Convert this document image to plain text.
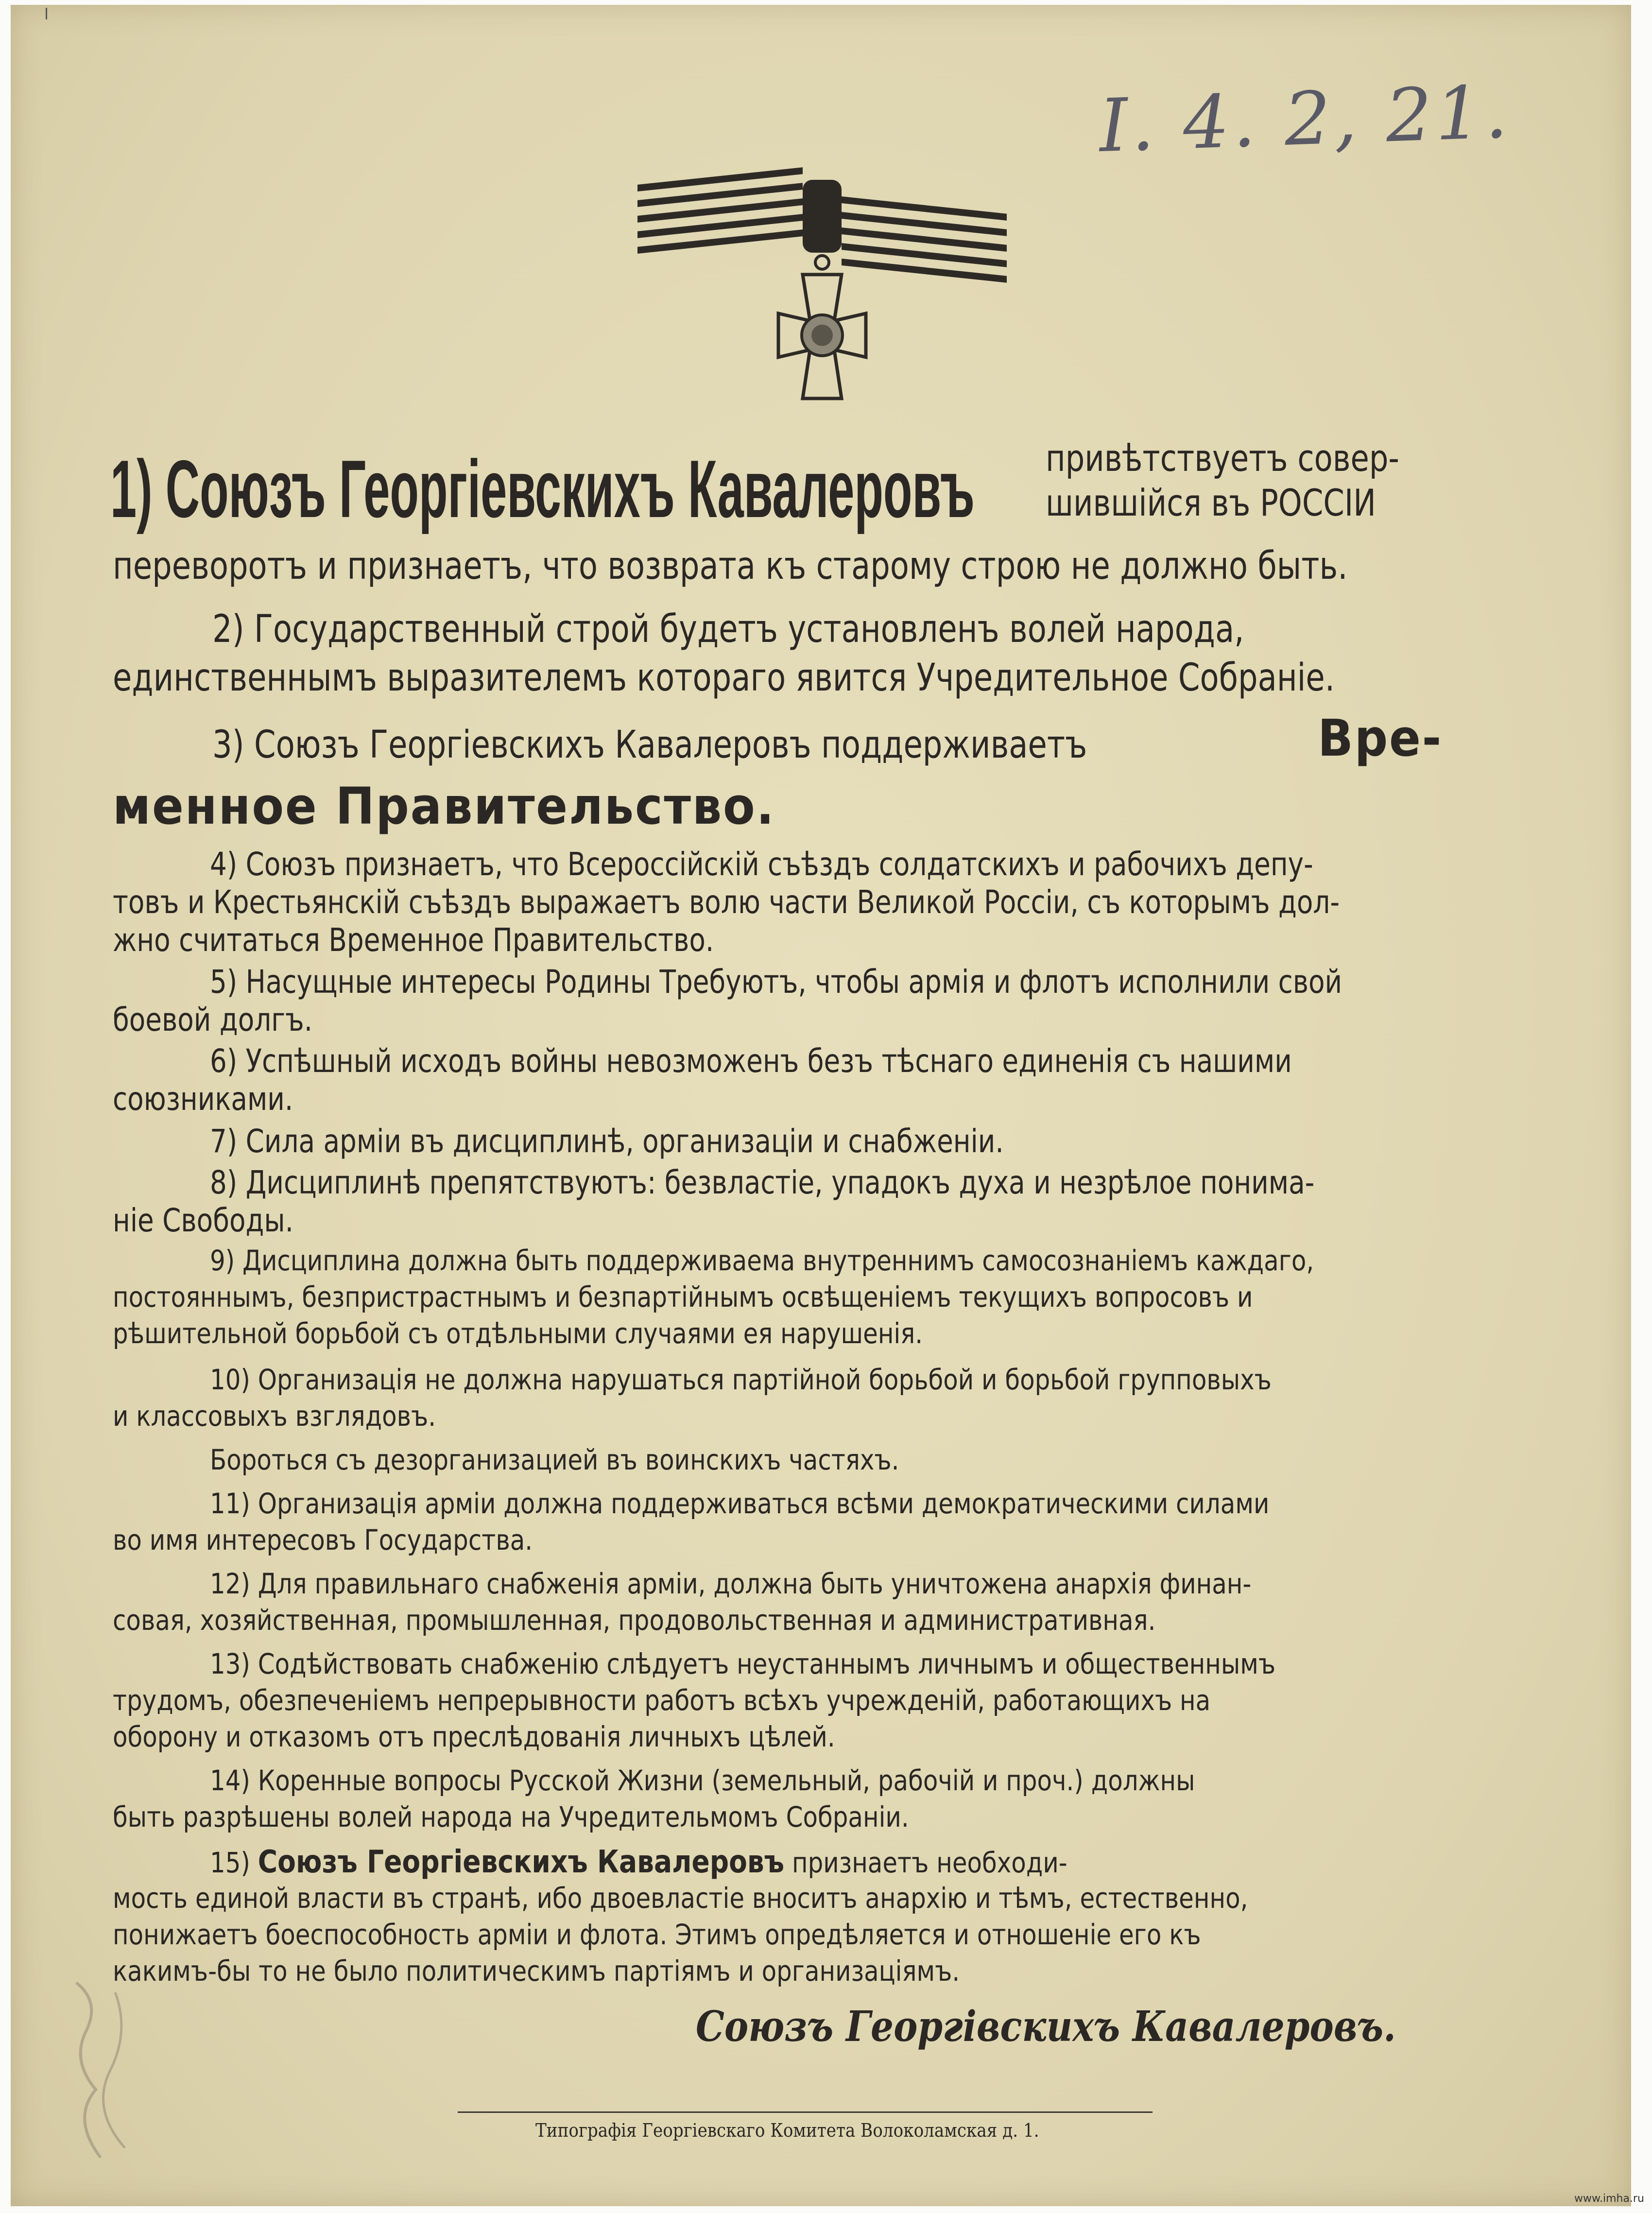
I. 4. 2, 21.
1) Союзъ Георгіевскихъ Кавалеровъ	привѣтствуетъ совер-
шившійся въ РОССІИ
переворотъ и признаетъ, что возврата къ старому строю не должно быть.
2) Государственный строй будетъ установленъ волей народа,
единственнымъ выразителемъ котораго явится Учредительное Собраніе.
3) Союзъ Георгіевскихъ Кавалеровъ поддерживаетъ	Вре-
менное Правительство.
4) Союзъ признаетъ, что Всероссійскій съѣздъ солдатскихъ и рабочихъ депу-
товъ и Крестьянскій съѣздъ выражаетъ волю части Великой Россіи, съ которымъ дол-
жно считаться Временное Правительство.
5) Насущные интересы Родины Требуютъ, чтобы армія и флотъ исполнили свой
боевой долгъ.
6) Успѣшный исходъ войны невозможенъ безъ тѣснаго единенія съ нашими
союзниками.
7) Сила арміи въ дисциплинѣ, организаціи и снабженіи.
8) Дисциплинѣ препятствуютъ: безвластіе, упадокъ духа и незрѣлое понима-
ніе Свободы.
9) Дисциплина должна быть поддерживаема внутреннимъ самосознаніемъ каждаго,
постояннымъ, безпристрастнымъ и безпартійнымъ освѣщеніемъ текущихъ вопросовъ и
рѣшительной борьбой съ отдѣльными случаями ея нарушенія.
10) Организація не должна нарушаться партійной борьбой и борьбой групповыхъ
и классовыхъ взглядовъ.
Бороться съ дезорганизацией въ воинскихъ частяхъ.
11) Организація арміи должна поддерживаться всѣми демократическими силами
во имя интересовъ Государства.
12) Для правильнаго снабженія арміи, должна быть уничтожена анархія финан-
совая, хозяйственная, промышленная, продовольственная и административная.
13) Содѣйствовать снабженію слѣдуетъ неустаннымъ личнымъ и общественнымъ
трудомъ, обезпеченіемъ непрерывности работъ всѣхъ учрежденій, работающихъ на
оборону и отказомъ отъ преслѣдованія личныхъ цѣлей.
14) Коренные вопросы Русской Жизни (земельный, рабочій и проч.) должны
быть разрѣшены волей народа на Учредительмомъ Собраніи.
15) Союзъ Георгіевскихъ Кавалеровъ признаетъ необходи-
мость единой власти въ странѣ, ибо двоевластіе вноситъ анархію и тѣмъ, естественно,
понижаетъ боеспособность арміи и флота. Этимъ опредѣляется и отношеніе его къ
какимъ-бы то не было политическимъ партіямъ и организаціямъ.
Союзъ Георгівскихъ Кавалеровъ.
Типографія Георгіевскаго Комитета Волоколамская д. 1.
www.imha.ru
